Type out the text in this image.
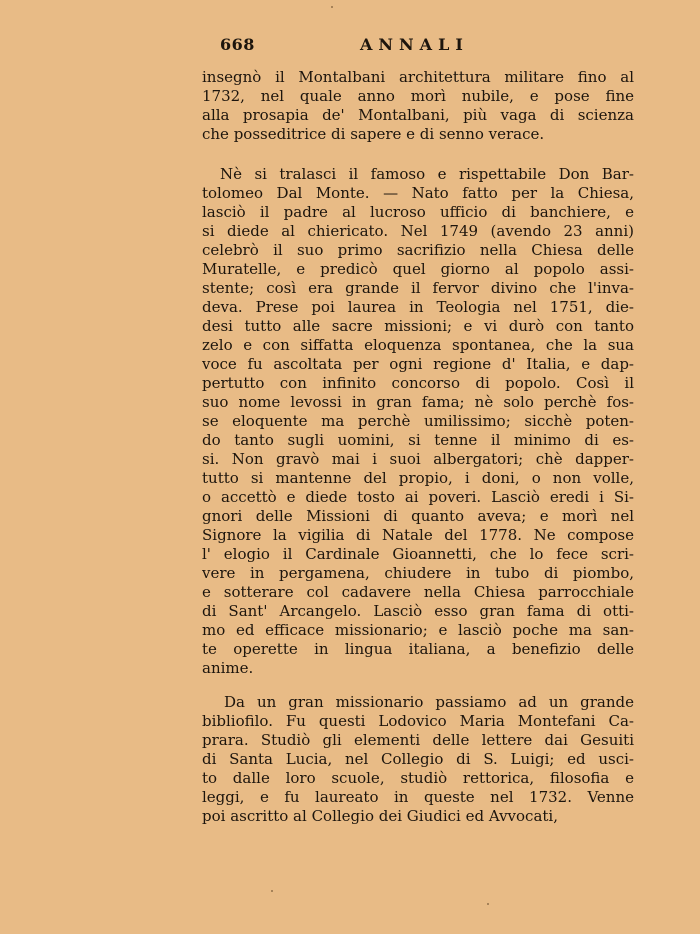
668	ANNALI
insegnò il Montalbani architettura militare fino al
1732, nel quale anno morì nubile, e pose fine
alla prosapia de' Montalbani, più vaga di scienza
che posseditrice di sapere e di senno verace.
Nè si tralasci il famoso e rispettabile Don Bar-
tolomeo Dal Monte. — Nato fatto per la Chiesa,
lasciò il padre al lucroso ufficio di banchiere, e
si diede al chiericato. Nel 1749 (avendo 23 anni)
celebrò il suo primo sacrifizio nella Chiesa delle
Muratelle, e predicò quel giorno al popolo assi-
stente; così era grande il fervor divino che l'inva-
deva. Prese poi laurea in Teologia nel 1751, die-
desi tutto alle sacre missioni; e vi durò con tanto
zelo e con siffatta eloquenza spontanea, che la sua
voce fu ascoltata per ogni regione d' Italia, e dap-
pertutto con infinito concorso di popolo. Così il
suo nome levossi in gran fama; nè solo perchè fos-
se eloquente ma perchè umilissimo; sicchè poten-
do tanto sugli uomini, si tenne il minimo di es-
si. Non gravò mai i suoi albergatori; chè dapper-
tutto si mantenne del propio, i doni, o non volle,
o accettò e diede tosto ai poveri. Lasciò eredi i Si-
gnori delle Missioni di quanto aveva; e morì nel
Signore la vigilia di Natale del 1778. Ne compose
l' elogio il Cardinale Gioannetti, che lo fece scri-
vere in pergamena, chiudere in tubo di piombo,
e sotterare col cadavere nella Chiesa parrocchiale
di Sant' Arcangelo. Lasciò esso gran fama di otti-
mo ed efficace missionario; e lasciò poche ma san-
te operette in lingua italiana, a benefizio delle
anime.
Da un gran missionario passiamo ad un grande
bibliofilo. Fu questi Lodovico Maria Montefani Ca-
prara. Studiò gli elementi delle lettere dai Gesuiti
di Santa Lucia, nel Collegio di S. Luigi; ed usci-
to dalle loro scuole, studiò rettorica, filosofia e
leggi, e fu laureato in queste nel 1732. Venne
poi ascritto al Collegio dei Giudici ed Avvocati,
